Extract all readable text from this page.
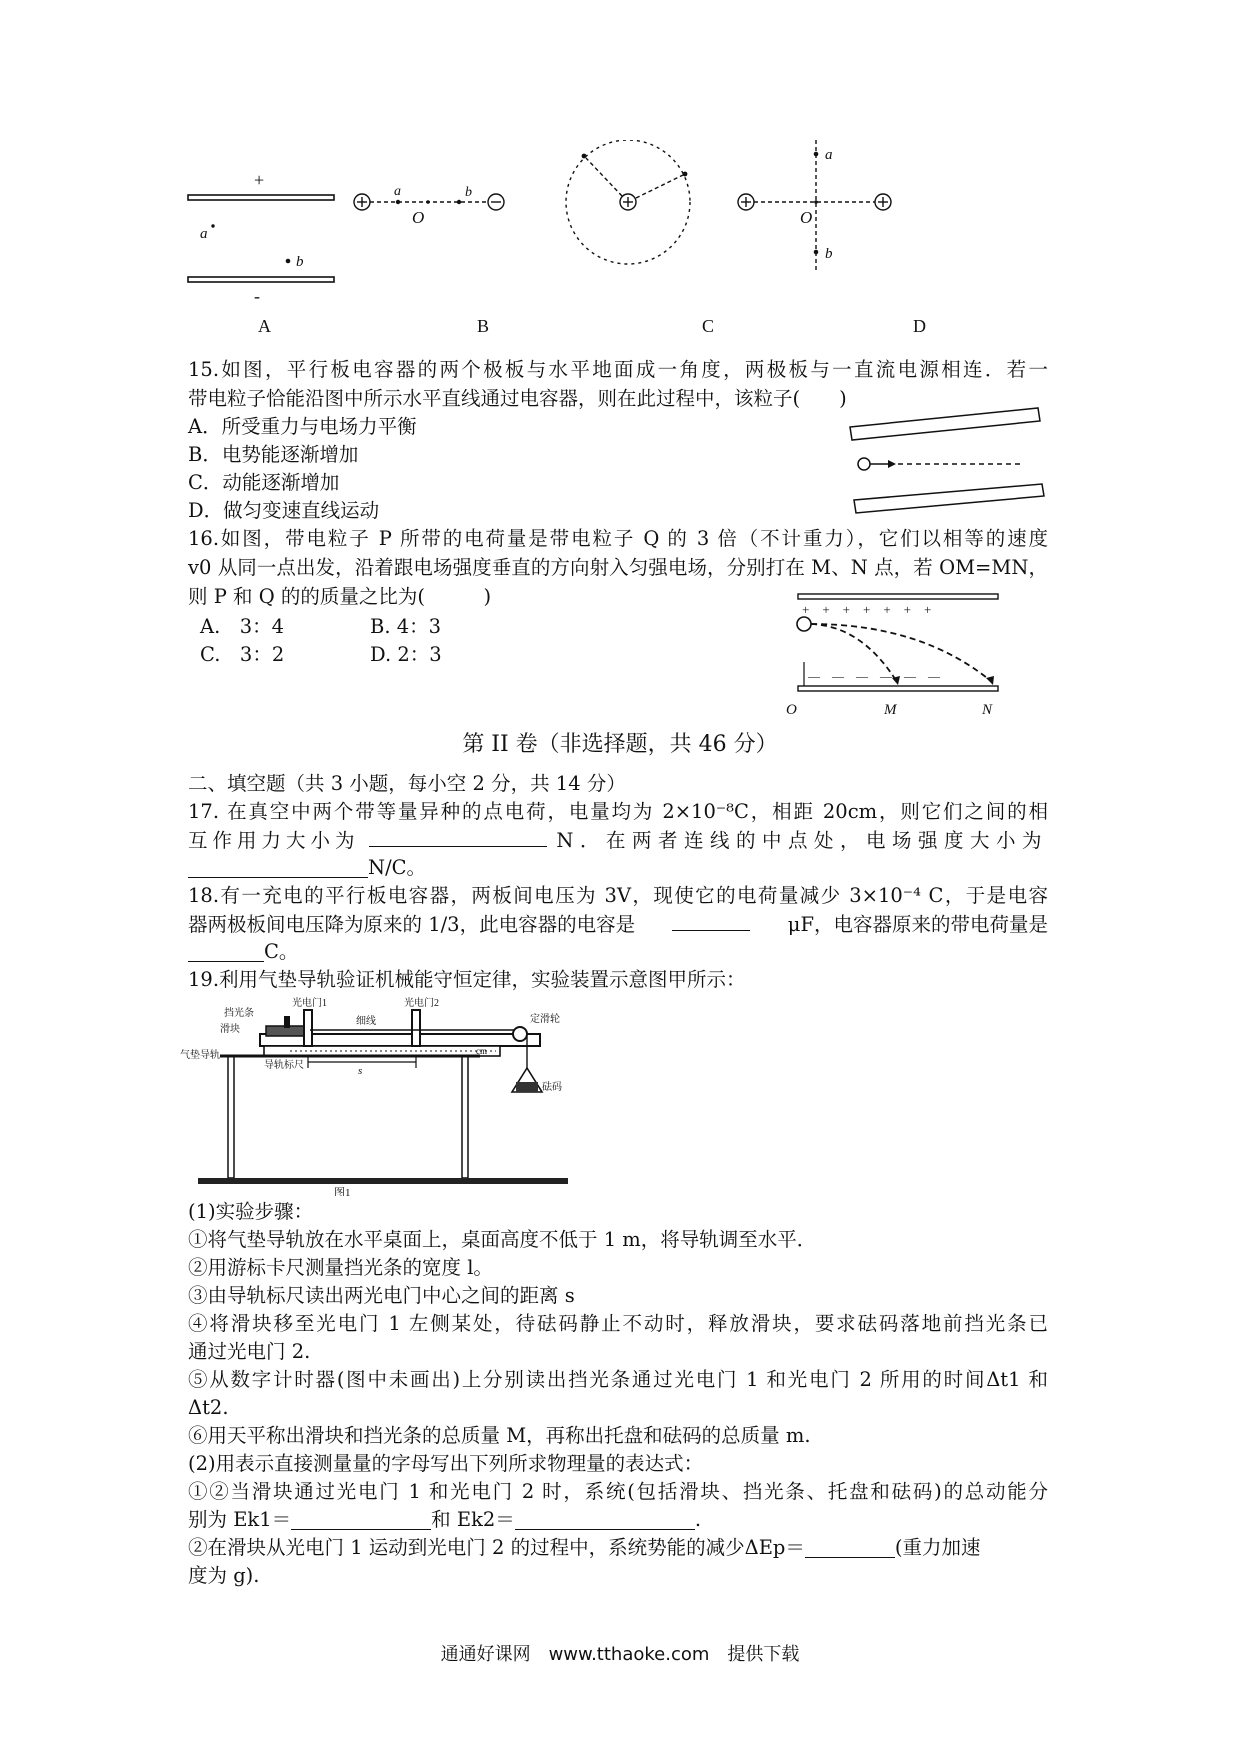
+
-
a
b
a	b
O
a
b
O
A	B	C	D
15.如图，平行板电容器的两个极板与水平地面成一角度，两极板与一直流电源相连．若一
带电粒子恰能沿图中所示水平直线通过电容器，则在此过程中，该粒子(　　)
A．所受重力与电场力平衡
B．电势能逐渐增加
C．动能逐渐增加
D．做匀变速直线运动
16.如图，带电粒子 P 所带的电荷量是带电粒子 Q 的 3 倍（不计重力），它们以相等的速度
v0 从同一点出发，沿着跟电场强度垂直的方向射入匀强电场，分别打在 M、N 点，若 OM=MN，
则 P 和 Q 的的质量之比为(　　　)
A.　3：4	B. 4：3
C.　3：2	D. 2：3
+　+　+　+　+　+　+
—　—　—　—　—　—
O	M	N
第 II 卷（非选择题，共 46 分）
二、填空题（共 3 小题，每小空 2 分，共 14 分）
17. 在真空中两个带等量异种的点电荷，电量均为 2×10⁻⁸C，相距 20cm，则它们之间的相
互作用力大小为	N．在两者连线的中点处，电场强度大小为
N/C。
18.有一充电的平行板电容器，两板间电压为 3V，现使它的电荷量减少 3×10⁻⁴ C，于是电容
器两极板间电压降为原来的 1/3，此电容器的电容是	μF，电容器原来的带电荷量是
C。
19.利用气垫导轨验证机械能守恒定律，实验装置示意图甲所示：
光电门1	光电门2
挡光条
滑块
细线	定滑轮
气垫导轨
导轨标尺
砝码
s
cm
图1
(1)实验步骤：
①将气垫导轨放在水平桌面上，桌面高度不低于 1 m，将导轨调至水平．
②用游标卡尺测量挡光条的宽度 l。
③由导轨标尺读出两光电门中心之间的距离 s
④将滑块移至光电门 1 左侧某处，待砝码静止不动时，释放滑块，要求砝码落地前挡光条已
通过光电门 2.
⑤从数字计时器(图中未画出)上分别读出挡光条通过光电门 1 和光电门 2 所用的时间Δt1 和
Δt2.
⑥用天平称出滑块和挡光条的总质量 M，再称出托盘和砝码的总质量 m.
(2)用表示直接测量量的字母写出下列所求物理量的表达式：
①②当滑块通过光电门 1 和光电门 2 时，系统(包括滑块、挡光条、托盘和砝码)的总动能分
别为 Ek1＝	和 Ek2＝	.
②在滑块从光电门 1 运动到光电门 2 的过程中，系统势能的减少ΔEp＝	(重力加速
度为 g).
通通好课网　www.tthaoke.com　提供下载
